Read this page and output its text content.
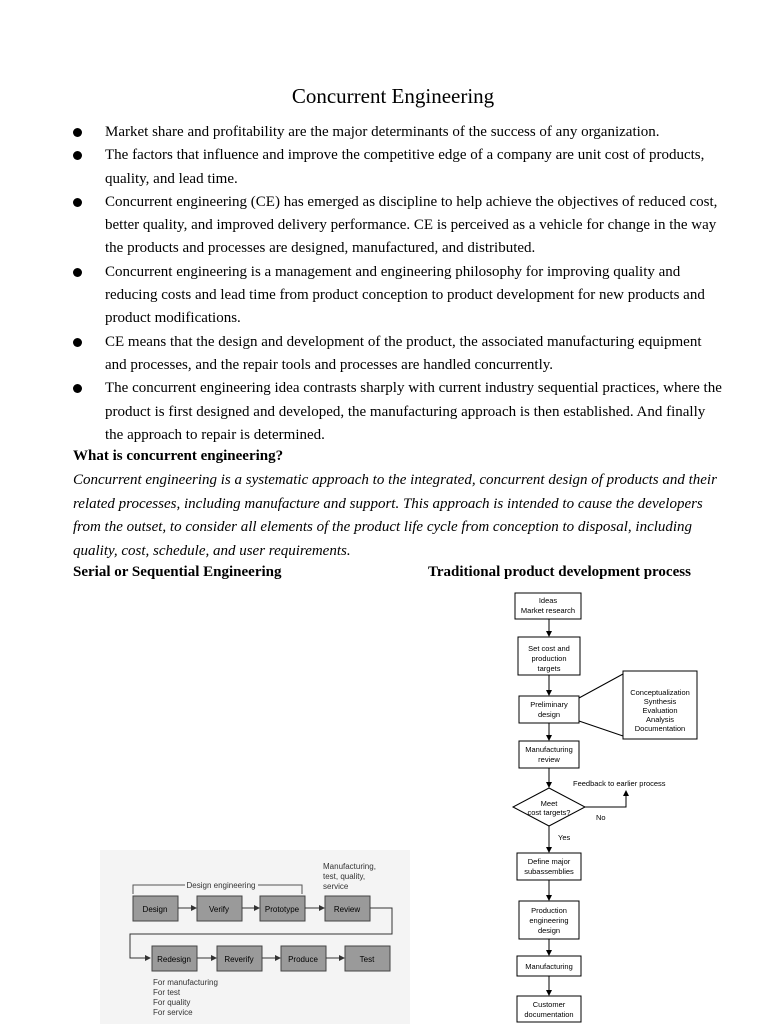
Concurrent Engineering
Market share and profitability are the major determinants of the success of any organization.
The factors that influence and improve the competitive edge of a company are unit cost of products, quality, and lead time.
Concurrent engineering (CE) has emerged as discipline to help achieve the objectives of reduced cost, better quality, and improved delivery performance. CE is perceived as a vehicle for change in the way the products and processes are designed, manufactured, and distributed.
Concurrent engineering is a management and engineering philosophy for improving quality and reducing costs and lead time from product conception to product development for new products and product modifications.
CE means that the design and development of the product, the associated manufacturing equipment and processes, and the repair tools and processes are handled concurrently.
The concurrent engineering idea contrasts sharply with current industry sequential practices, where the product is first designed and developed, the manufacturing approach is then established. And finally the approach to repair is determined.
What is concurrent engineering?
Concurrent engineering is a systematic approach to the integrated, concurrent design of products and their related processes, including manufacture and support. This approach is intended to cause the developers from the outset, to consider all elements of the product life cycle from conception to disposal, including quality, cost, schedule, and user requirements.
Serial or Sequential Engineering	Traditional product development process
Design engineering
Manufacturing,
test, quality,
service
Design	Verify	Prototype	Review
Redesign	Reverify	Produce	Test
For manufacturing
For test
For quality
For service
Ideas
Market research
Set cost and
production
targets
Preliminary
design
Conceptualization
Synthesis
Evaluation
Analysis
Documentation
Manufacturing
review
Meet
cost targets?
Define major
subassemblies
Production
engineering
design
Manufacturing
Customer
documentation
Feedback to earlier process
No
Yes
